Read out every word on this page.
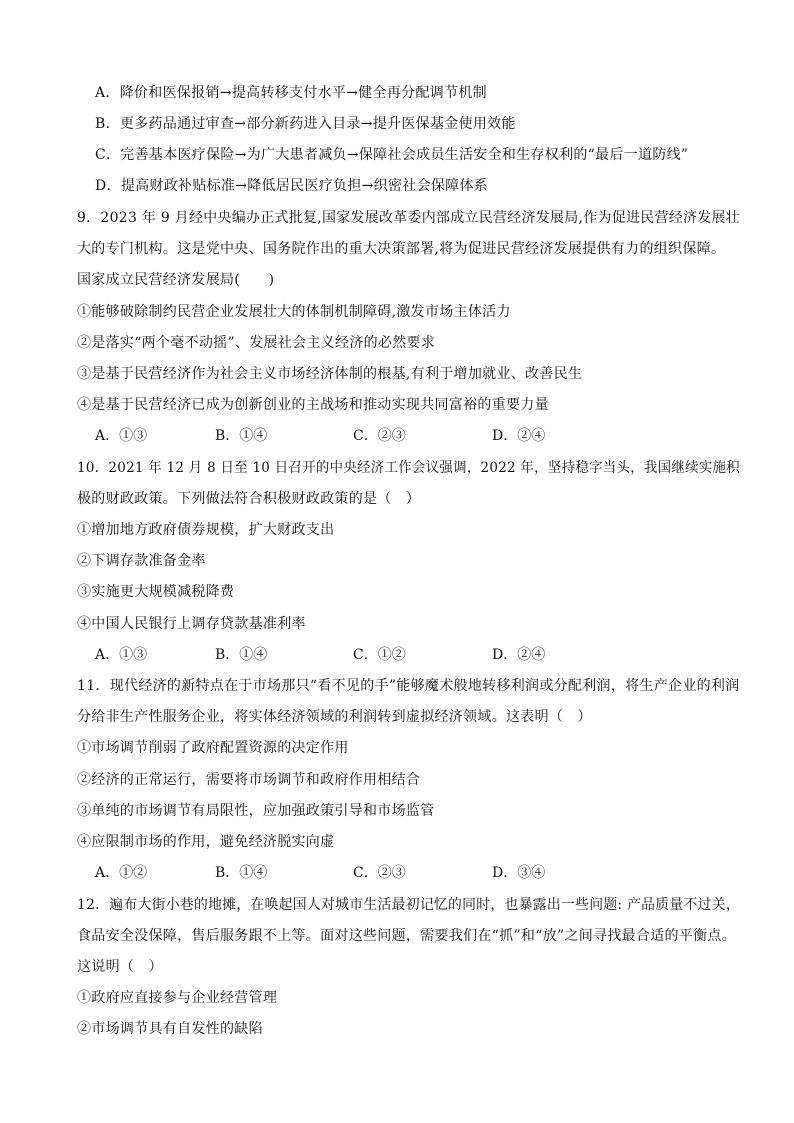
A．降价和医保报销→提高转移支付水平→健全再分配调节机制
B．更多药品通过审查→部分新药进入目录→提升医保基金使用效能
C．完善基本医疗保险→为广大患者减负→保障社会成员生活安全和生存权利的“最后一道防线”
D．提高财政补贴标准→降低居民医疗负担→织密社会保障体系
9．2023 年 9 月经中央编办正式批复,国家发展改革委内部成立民营经济发展局,作为促进民营经济发展壮
大的专门机构。这是党中央、国务院作出的重大决策部署,将为促进民营经济发展提供有力的组织保障。
国家成立民营经济发展局(　　)
①能够破除制约民营企业发展壮大的体制机制障碍,激发市场主体活力
②是落实“两个毫不动摇”、发展社会主义经济的必然要求
③是基于民营经济作为社会主义市场经济体制的根基,有利于增加就业、改善民生
④是基于民营经济已成为创新创业的主战场和推动实现共同富裕的重要力量
A．①③	B．①④	C．②③	D．②④
10．2021 年 12 月 8 日至 10 日召开的中央经济工作会议强调，2022 年，坚持稳字当头，我国继续实施积
极的财政政策。下列做法符合积极财政政策的是（　）
①增加地方政府债券规模，扩大财政支出
②下调存款准备金率
③实施更大规模减税降费
④中国人民银行上调存贷款基准利率
A．①③	B．①④	C．①②	D．②④
11．现代经济的新特点在于市场那只“看不见的手”能够魔术般地转移利润或分配利润，将生产企业的利润
分给非生产性服务企业，将实体经济领域的利润转到虚拟经济领域。这表明（　）
①市场调节削弱了政府配置资源的决定作用
②经济的正常运行，需要将市场调节和政府作用相结合
③单纯的市场调节有局限性，应加强政策引导和市场监管
④应限制市场的作用，避免经济脱实向虚
A．①②	B．①④	C．②③	D．③④
12．遍布大街小巷的地摊，在唤起国人对城市生活最初记忆的同时，也暴露出一些问题: 产品质量不过关，
食品安全没保障，售后服务跟不上等。面对这些问题，需要我们在“抓”和“放”之间寻找最合适的平衡点。
这说明（　）
①政府应直接参与企业经营管理
②市场调节具有自发性的缺陷
